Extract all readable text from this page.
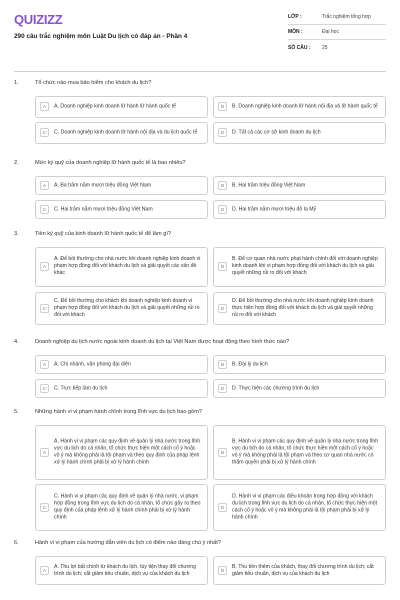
QUIZIZZ
290 câu trắc nghiệm môn Luật Du lịch có đáp án - Phần 4
LỚP :	Trắc nghiệm tổng hợp
MÔN :	Đại học
SỐ CÂU :	25
1.	Tổ chức nào mua bảo hiểm cho khách du lịch?
A	A. Doanh nghiệp kinh doanh lữ hành lữ hành quốc tế	B	B. Doanh nghiệp kinh doanh lữ hành nội địa và lữ hành quốc tế
C	C. Doanh nghiệp kinh doanh lữ hành nội địa và du lịch quốc tế	D	D. Tất cả các cơ sở kinh doanh du lịch
2.	Mức ký quỹ của doanh nghiệp lữ hành quốc tế là bao nhiêu?
A	A. Ba trăm năm mươi triệu đồng Việt Nam	B	B. Hai trăm triệu đồng Việt Nam
C	C. Hai trăm năm mươi triệu đồng Việt Nam	D	D. Hai trăm năm mươi triệu đô la Mỹ
3.	Tiền ký quỹ của kinh doanh lữ hành quốc tế để làm gì?
A
A. Để bồi thường cho nhà nước khi doanh nghiệp kinh doanh vi phạm hợp đồng đối với khách du lịch và giải quyết các vấn đề khác
B
B. Để cơ quan nhà nước phạt hành chính đối với doanh nghiệp kinh doanh khi vi phạm hợp đồng đối với khách du lịch và giải quyết những rủi ro đối với khách
C
C. Để bồi thường cho khách khi doanh nghiệp kinh doanh vi phạm hợp đồng đối với khách du lịch và giải quyết những rủi ro đối với khách
D
D. Để bồi thường cho nhà nước khi doanh nghiệp kinh doanh thực hiện hợp đồng đối với khách du lịch và giải quyết những rủi ro đối với khách
4.	Doanh nghiệp du lịch nước ngoài kinh doanh du lịch tại Việt Nam được hoạt động theo hình thức nào?
A	A. Chi nhánh, văn phòng đại diện	B	B. Đại lý du lịch
C	C. Trực tiếp làm du lịch	D	D. Thực hiện các chương trình du lịch
5.	Những hành vi vi phạm hành chính trong lĩnh vực du lịch bao gồm?
A
A. Hành vi vi phạm các quy định về quản lý nhà nước trong lĩnh vực du lịch do cá nhân, tổ chức thực hiện một cách cố ý hoặc vô ý mà không phải là tội phạm và theo quy định của pháp lệnh xử lý hành chính phải bị xử lý hành chính
B
B. Hành vi vi phạm các quy định về quản lý nhà nước trong lĩnh vực du lịch do cá nhân, tổ chức thực hiện một cách cố ý hoặc vô ý mà không phải là tội phạm và theo cơ quan nhà nước có thẩm quyền phải bị xử lý hành chính
C
C. Hành vi vi phạm các quy định về quản lý nhà nước, vi phạm hợp đồng trong lĩnh vực du lịch do cá nhân, tổ chức gây ra theo quy định của pháp lệnh xử lý hành chính phải bị xử lý hành chính
D
D. Hành vi vi phạm các điều khoản trong hợp đồng với khách du lịch trong lĩnh vực du lịch do cá nhân, tổ chức thực hiện một cách cố ý hoặc vô ý mà không phải là tội phạm phải bị xử lý hành chính
6.	Hành vi vi phạm của hướng dẫn viên du lịch có điểm nào đáng chú ý nhất?
A
A. Thu lợi bất chính từ khách du lịch, tùy tiện thay đổi chương trình du lịch; cắt giảm tiêu chuẩn, dịch vụ của khách du lịch
B
B. Thu tiền thêm của khách, thay đổi chương trình du lịch; cắt giảm tiêu chuẩn, dịch vụ của khách du lịch
